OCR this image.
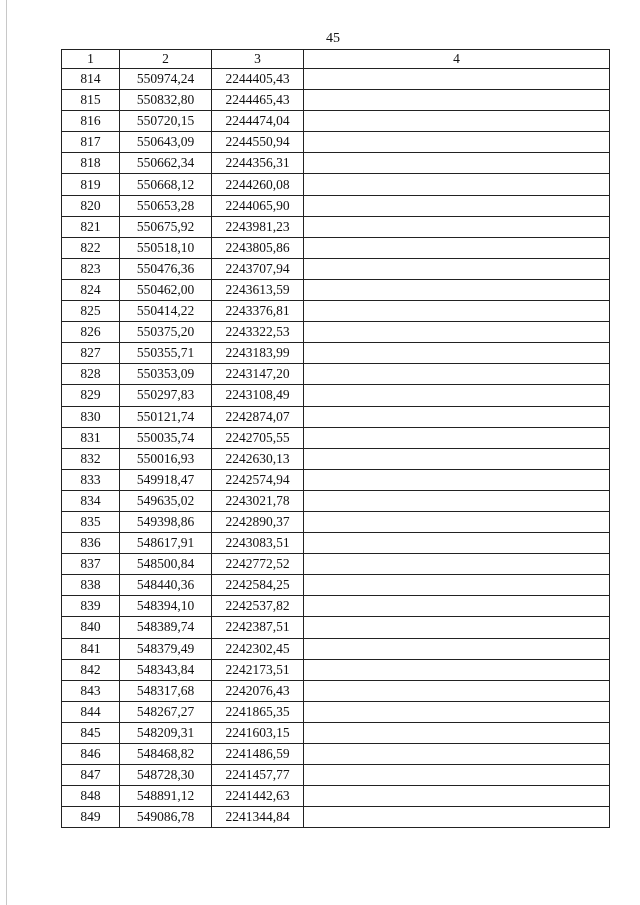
45
1	2	3	4
814	550974,24	2244405,43	
815	550832,80	2244465,43	
816	550720,15	2244474,04	
817	550643,09	2244550,94	
818	550662,34	2244356,31	
819	550668,12	2244260,08	
820	550653,28	2244065,90	
821	550675,92	2243981,23	
822	550518,10	2243805,86	
823	550476,36	2243707,94	
824	550462,00	2243613,59	
825	550414,22	2243376,81	
826	550375,20	2243322,53	
827	550355,71	2243183,99	
828	550353,09	2243147,20	
829	550297,83	2243108,49	
830	550121,74	2242874,07	
831	550035,74	2242705,55	
832	550016,93	2242630,13	
833	549918,47	2242574,94	
834	549635,02	2243021,78	
835	549398,86	2242890,37	
836	548617,91	2243083,51	
837	548500,84	2242772,52	
838	548440,36	2242584,25	
839	548394,10	2242537,82	
840	548389,74	2242387,51	
841	548379,49	2242302,45	
842	548343,84	2242173,51	
843	548317,68	2242076,43	
844	548267,27	2241865,35	
845	548209,31	2241603,15	
846	548468,82	2241486,59	
847	548728,30	2241457,77	
848	548891,12	2241442,63	
849	549086,78	2241344,84	
